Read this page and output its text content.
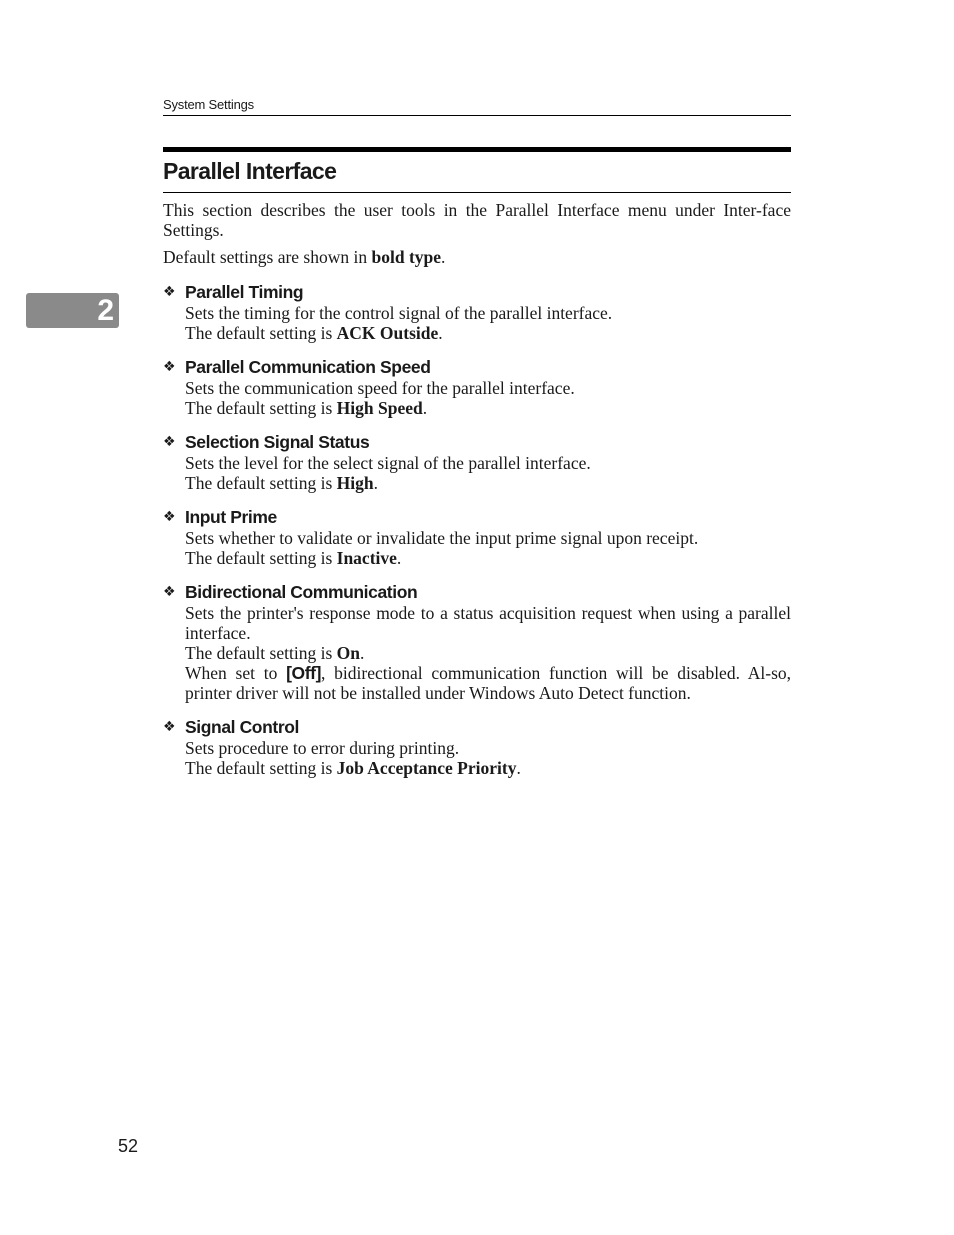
System Settings
Parallel Interface
2

This section describes the user tools in the Parallel Interface menu under Inter-face Settings.

Default settings are shown in bold type.

❖ Parallel Timing

Sets the timing for the control signal of the parallel interface.

The default setting is ACK Outside.

❖ Parallel Communication Speed

Sets the communication speed for the parallel interface.

The default setting is High Speed.

❖ Selection Signal Status

Sets the level for the select signal of the parallel interface.

The default setting is High.

❖ Input Prime

Sets whether to validate or invalidate the input prime signal upon receipt.

The default setting is Inactive.

❖ Bidirectional Communication

Sets the printer's response mode to a status acquisition request when using a parallel interface.

The default setting is On.

When set to [Off], bidirectional communication function will be disabled. Al-so, printer driver will not be installed under Windows Auto Detect function.

❖ Signal Control

Sets procedure to error during printing.

The default setting is Job Acceptance Priority.

52
